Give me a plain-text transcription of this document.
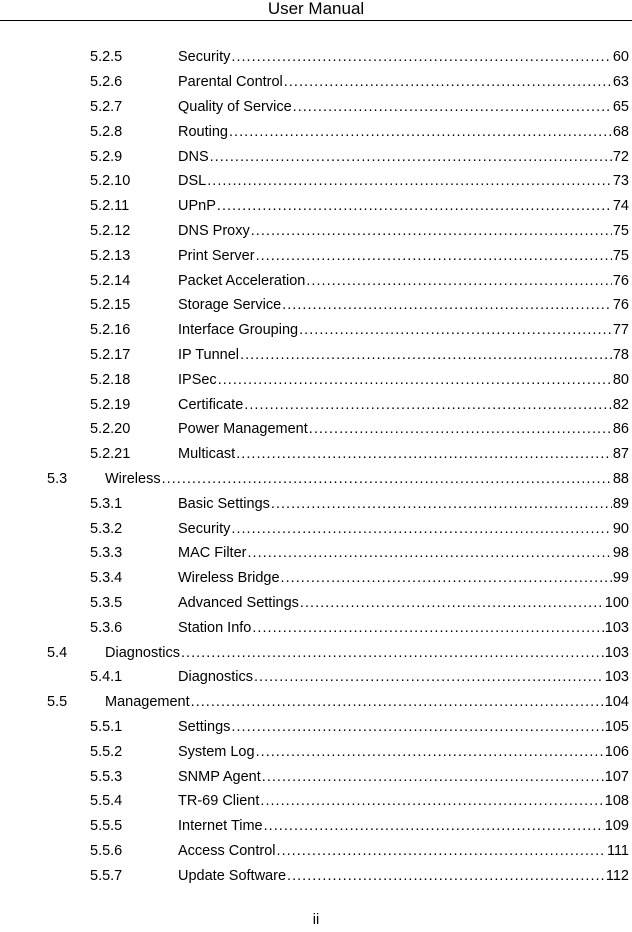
User Manual
5.2.5	Security . . .	60
5.2.6	Parental Control . . .	63
5.2.7	Quality of Service . . .	65
5.2.8	Routing . . .	68
5.2.9	DNS . . .	72
5.2.10	DSL . . .	73
5.2.11	UPnP . . .	74
5.2.12	DNS Proxy . . .	75
5.2.13	Print Server . . .	75
5.2.14	Packet Acceleration . . .	76
5.2.15	Storage Service . . .	76
5.2.16	Interface Grouping . . .	77
5.2.17	IP Tunnel . . .	78
5.2.18	IPSec . . .	80
5.2.19	Certificate . . .	82
5.2.20	Power Management . . .	86
5.2.21	Multicast . . .	87
5.3	Wireless . . .	88
5.3.1	Basic Settings . . .	89
5.3.2	Security . . .	90
5.3.3	MAC Filter . . .	98
5.3.4	Wireless Bridge . . .	99
5.3.5	Advanced Settings . . .	100
5.3.6	Station Info . . .	103
5.4	Diagnostics . . .	103
5.4.1	Diagnostics . . .	103
5.5	Management . . .	104
5.5.1	Settings . . .	105
5.5.2	System Log . . .	106
5.5.3	SNMP Agent . . .	107
5.5.4	TR-69 Client . . .	108
5.5.5	Internet Time . . .	109
5.5.6	Access Control . . .	111
5.5.7	Update Software . . .	112
ii
